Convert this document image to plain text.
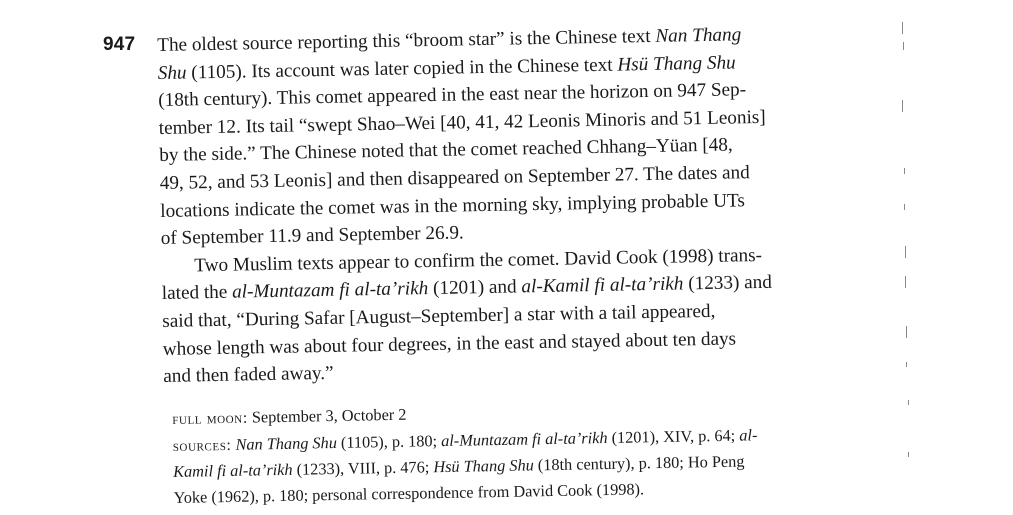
947 The oldest source reporting this “broom star” is the Chinese text Nan Thang
Shu (1105). Its account was later copied in the Chinese text Hsü Thang Shu
(18th century). This comet appeared in the east near the horizon on 947 Sep-
tember 12. Its tail “swept Shao–Wei [40, 41, 42 Leonis Minoris and 51 Leonis]
by the side.” The Chinese noted that the comet reached Chhang–Yüan [48,
49, 52, and 53 Leonis] and then disappeared on September 27. The dates and
locations indicate the comet was in the morning sky, implying probable UTs
of September 11.9 and September 26.9.
Two Muslim texts appear to confirm the comet. David Cook (1998) trans-
lated the al-Muntazam fi al-ta’rikh (1201) and al-Kamil fi al-ta’rikh (1233) and
said that, “During Safar [August–September] a star with a tail appeared,
whose length was about four degrees, in the east and stayed about ten days
and then faded away.”
full moon: September 3, October 2
sources: Nan Thang Shu (1105), p. 180; al-Muntazam fi al-ta’rikh (1201), XIV, p. 64; al-
Kamil fi al-ta’rikh (1233), VIII, p. 476; Hsü Thang Shu (18th century), p. 180; Ho Peng
Yoke (1962), p. 180; personal correspondence from David Cook (1998).
